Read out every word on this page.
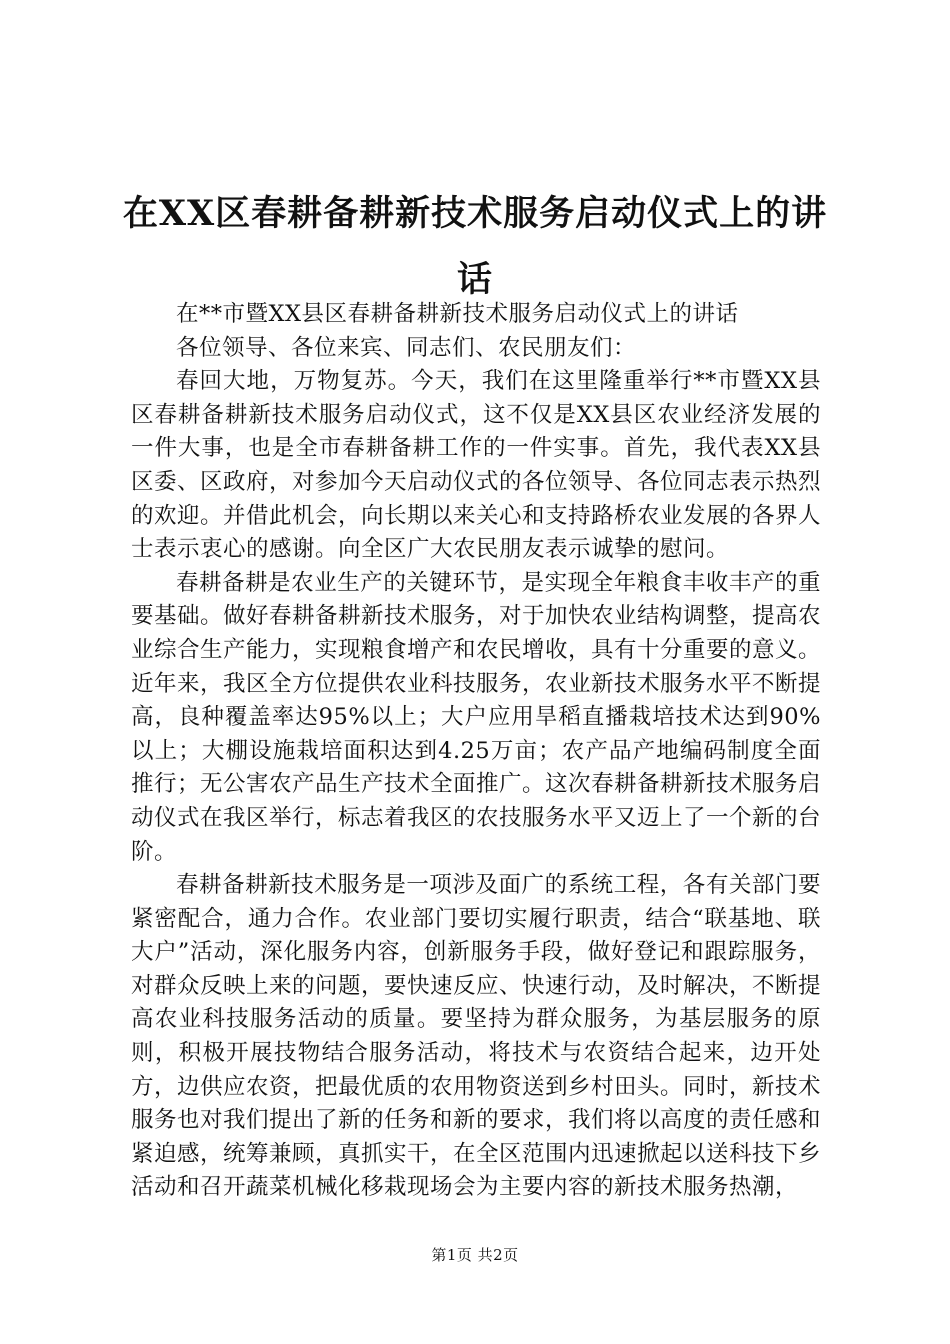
在XX区春耕备耕新技术服务启动仪式上的讲话

在**市暨XX县区春耕备耕新技术服务启动仪式上的讲话

各位领导、各位来宾、同志们、农民朋友们：

春回大地，万物复苏。今天，我们在这里隆重举行**市暨XX县区春耕备耕新技术服务启动仪式，这不仅是XX县区农业经济发展的一件大事，也是全市春耕备耕工作的一件实事。首先，我代表XX县区委、区政府，对参加今天启动仪式的各位领导、各位同志表示热烈的欢迎。并借此机会，向长期以来关心和支持路桥农业发展的各界人士表示衷心的感谢。向全区广大农民朋友表示诚挚的慰问。

春耕备耕是农业生产的关键环节，是实现全年粮食丰收丰产的重要基础。做好春耕备耕新技术服务，对于加快农业结构调整，提高农业综合生产能力，实现粮食增产和农民增收，具有十分重要的意义。近年来，我区全方位提供农业科技服务，农业新技术服务水平不断提高，良种覆盖率达95%以上；大户应用旱稻直播栽培技术达到90%以上；大棚设施栽培面积达到4.25万亩；农产品产地编码制度全面推行；无公害农产品生产技术全面推广。这次春耕备耕新技术服务启动仪式在我区举行，标志着我区的农技服务水平又迈上了一个新的台阶。

春耕备耕新技术服务是一项涉及面广的系统工程，各有关部门要紧密配合，通力合作。农业部门要切实履行职责，结合“联基地、联大户”活动，深化服务内容，创新服务手段，做好登记和跟踪服务，对群众反映上来的问题，要快速反应、快速行动，及时解决，不断提高农业科技服务活动的质量。要坚持为群众服务，为基层服务的原则，积极开展技物结合服务活动，将技术与农资结合起来，边开处方，边供应农资，把最优质的农用物资送到乡村田头。同时，新技术服务也对我们提出了新的任务和新的要求，我们将以高度的责任感和紧迫感，统筹兼顾，真抓实干，在全区范围内迅速掀起以送科技下乡活动和召开蔬菜机械化移栽现场会为主要内容的新技术服务热潮，

第1页 共2页
